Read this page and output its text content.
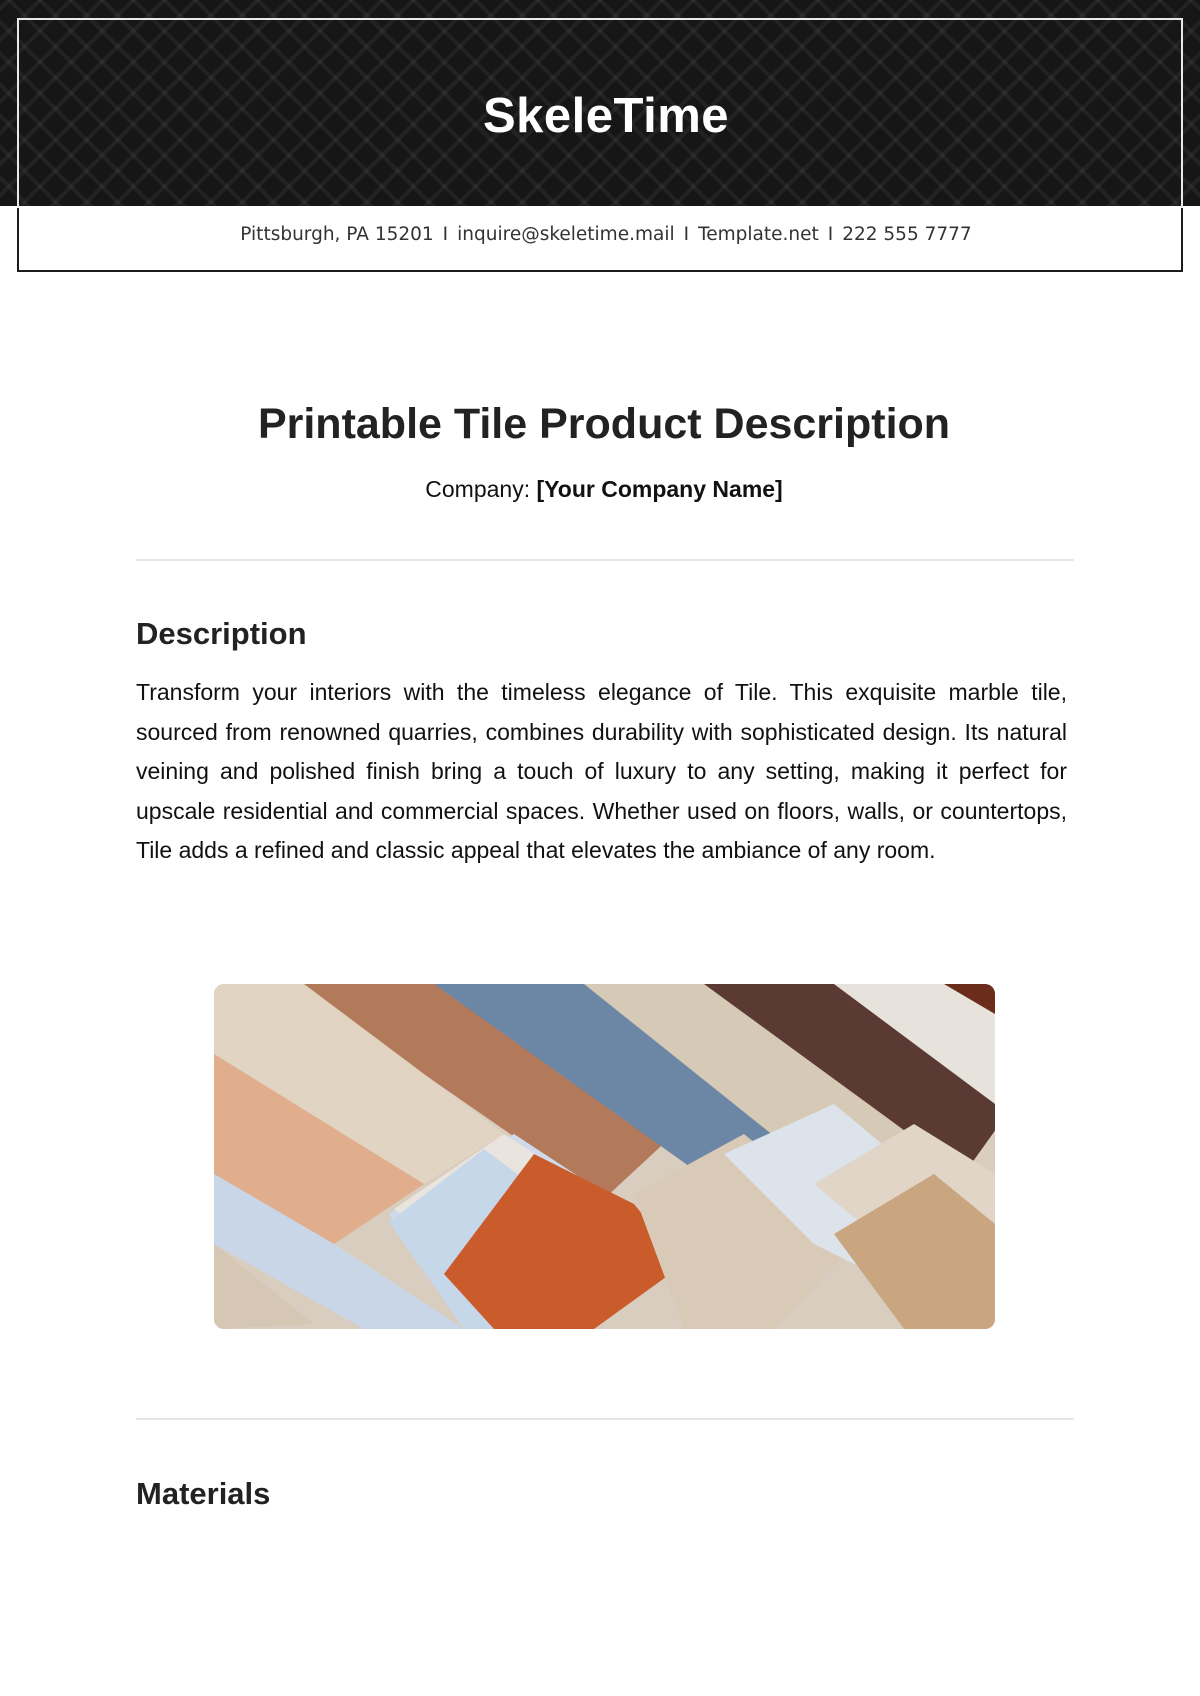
SkeleTime
Pittsburgh, PA 15201 I inquire@skeletime.mail I Template.net I 222 555 7777
Printable Tile Product Description
Company: [Your Company Name]
Description

Transform your interiors with the timeless elegance of Tile. This exquisite marble tile, sourced from renowned quarries, combines durability with sophisticated design. Its natural veining and polished finish bring a touch of luxury to any setting, making it perfect for upscale residential and commercial spaces. Whether used on floors, walls, or countertops, Tile adds a refined and classic appeal that elevates the ambiance of any room.

Materials
